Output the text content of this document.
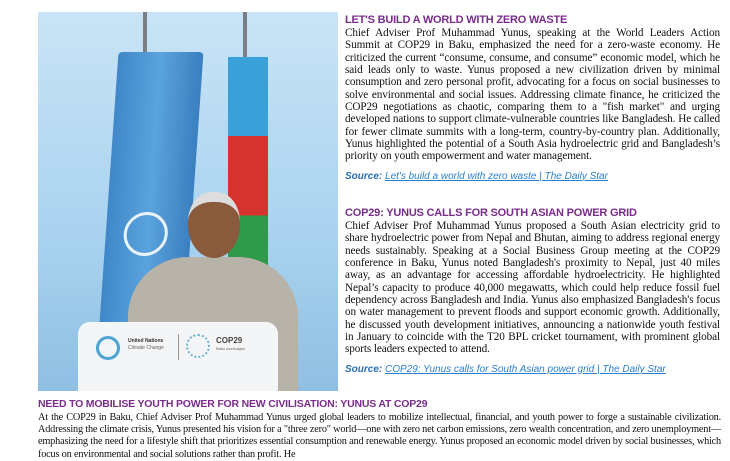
United Nations
Climate Change
COP29
Baku Azerbaijan
LET'S BUILD A WORLD WITH ZERO WASTE

Chief Adviser Prof Muhammad Yunus, speaking at the World Leaders Action Summit at COP29 in Baku, emphasized the need for a zero-waste economy. He criticized the current “consume, consume, and consume” economic model, which he said leads only to waste. Yunus proposed a new civilization driven by minimal consumption and zero personal profit, advocating for a focus on social businesses to solve environmental and social issues. Addressing climate finance, he criticized the COP29 negotiations as chaotic, comparing them to a "fish market" and urging developed nations to support climate-vulnerable countries like Bangladesh. He called for fewer climate summits with a long-term, country-by-country plan. Additionally, Yunus highlighted the potential of a South Asia hydroelectric grid and Bangladesh’s priority on youth empowerment and water management.

Source: Let's build a world with zero waste | The Daily Star
COP29: YUNUS CALLS FOR SOUTH ASIAN POWER GRID

Chief Adviser Prof Muhammad Yunus proposed a South Asian electricity grid to share hydroelectric power from Nepal and Bhutan, aiming to address regional energy needs sustainably. Speaking at a Social Business Group meeting at the COP29 conference in Baku, Yunus noted Bangladesh's proximity to Nepal, just 40 miles away, as an advantage for accessing affordable hydroelectricity. He highlighted Nepal’s capacity to produce 40,000 megawatts, which could help reduce fossil fuel dependency across Bangladesh and India. Yunus also emphasized Bangladesh's focus on water management to prevent floods and support economic growth. Additionally, he discussed youth development initiatives, announcing a nationwide youth festival in January to coincide with the T20 BPL cricket tournament, with prominent global sports leaders expected to attend.

Source: COP29: Yunus calls for South Asian power grid | The Daily Star
NEED TO MOBILISE YOUTH POWER FOR NEW CIVILISATION: YUNUS AT COP29

At the COP29 in Baku, Chief Adviser Prof Muhammad Yunus urged global leaders to mobilize intellectual, financial, and youth power to forge a sustainable civilization. Addressing the climate crisis, Yunus presented his vision for a "three zero" world—one with zero net carbon emissions, zero wealth concentration, and zero unemployment—emphasizing the need for a lifestyle shift that prioritizes essential consumption and renewable energy. Yunus proposed an economic model driven by social businesses, which focus on environmental and social solutions rather than profit. He
